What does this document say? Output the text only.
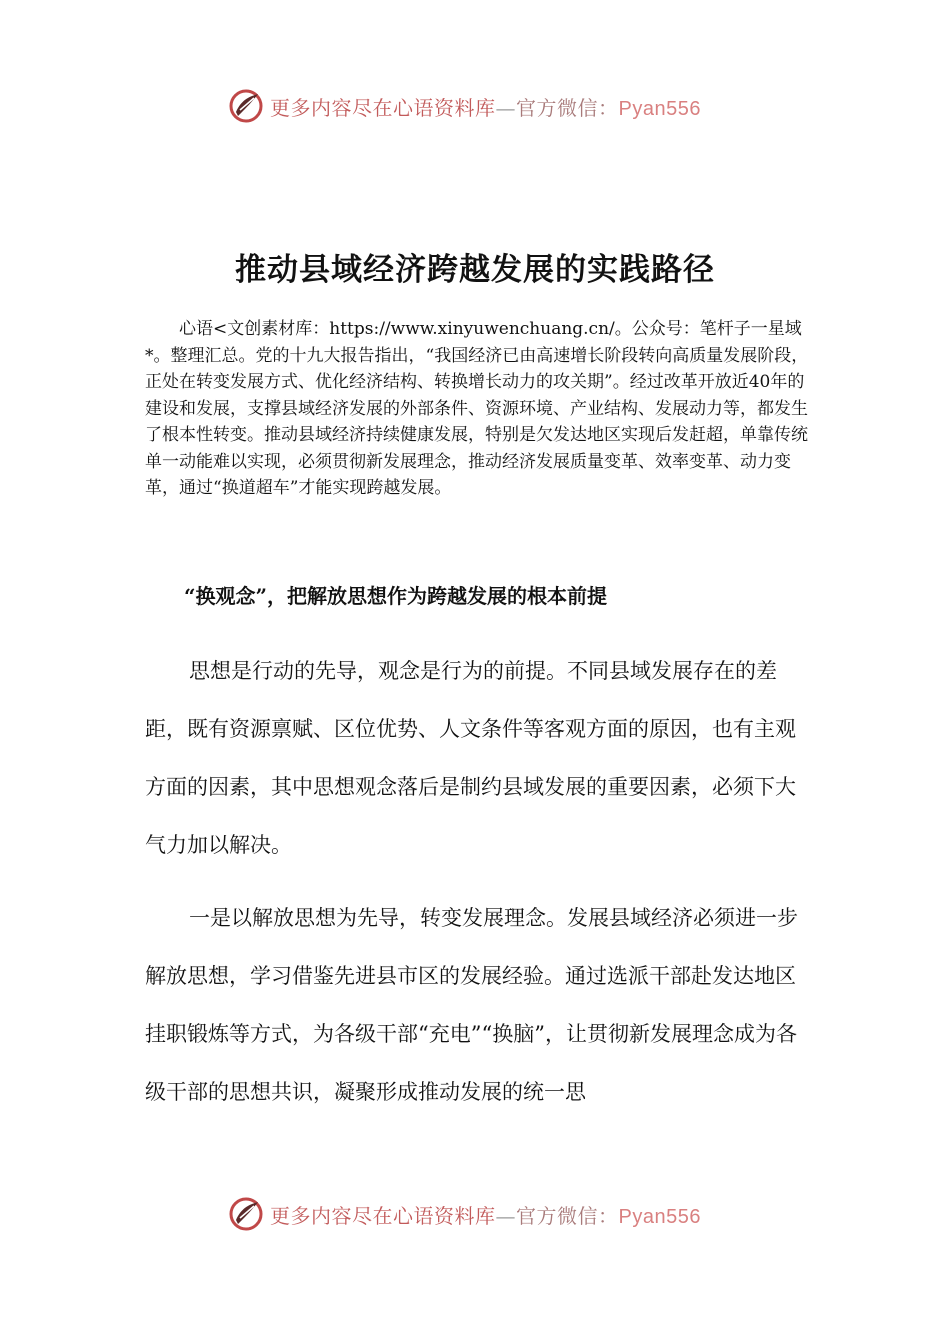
更多内容尽在心语资料库—官方微信：Pyan556
推动县域经济跨越发展的实践路径

心语<文创素材库：https://www.xinyuwenchuang.cn/。公众号：笔杆子一星域*。整理汇总。党的十九大报告指出，“我国经济已由高速增长阶段转向高质量发展阶段，正处在转变发展方式、优化经济结构、转换增长动力的攻关期”。经过改革开放近40年的建设和发展，支撑县域经济发展的外部条件、资源环境、产业结构、发展动力等，都发生了根本性转变。推动县域经济持续健康发展，特别是欠发达地区实现后发赶超，单靠传统单一动能难以实现，必须贯彻新发展理念，推动经济发展质量变革、效率变革、动力变革，通过“换道超车”才能实现跨越发展。

“换观念”，把解放思想作为跨越发展的根本前提

思想是行动的先导，观念是行为的前提。不同县域发展存在的差距，既有资源禀赋、区位优势、人文条件等客观方面的原因，也有主观方面的因素，其中思想观念落后是制约县域发展的重要因素，必须下大气力加以解决。

一是以解放思想为先导，转变发展理念。发展县域经济必须进一步解放思想，学习借鉴先进县市区的发展经验。通过选派干部赴发达地区挂职锻炼等方式，为各级干部“充电”“换脑”，让贯彻新发展理念成为各级干部的思想共识，凝聚形成推动发展的统一思

更多内容尽在心语资料库—官方微信：Pyan556
